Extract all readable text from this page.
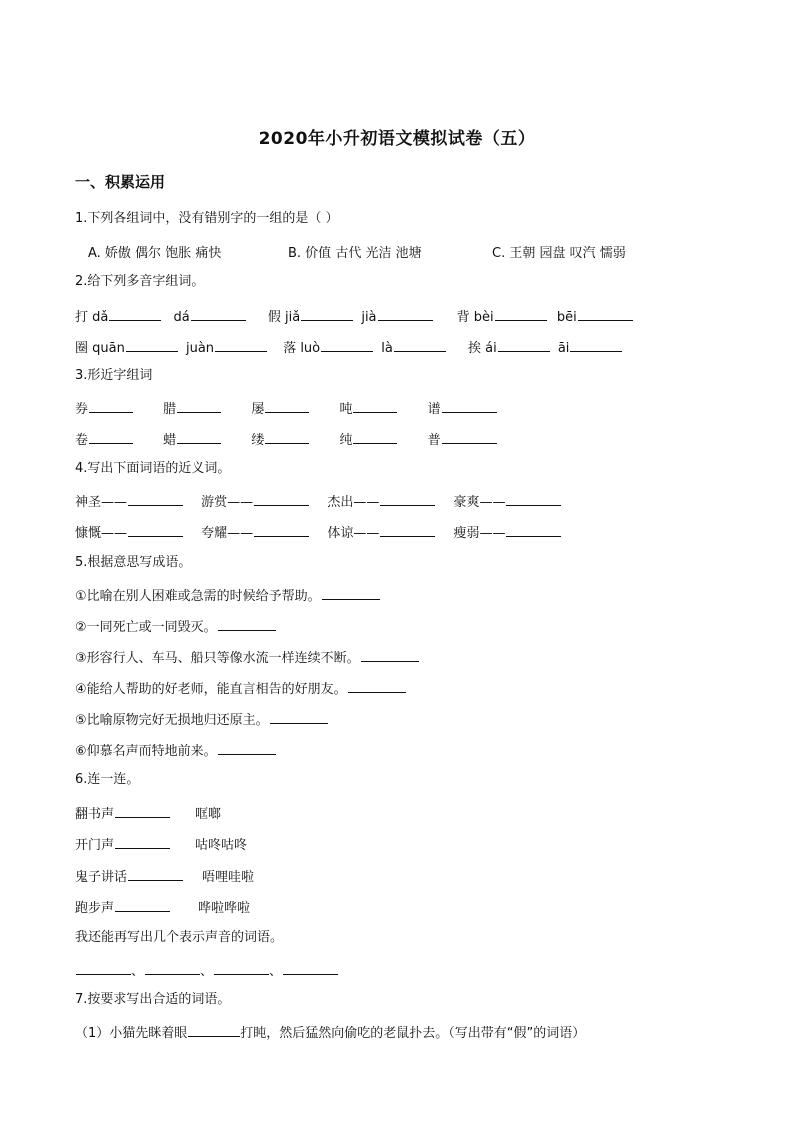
2020年小升初语文模拟试卷（五）
一、积累运用
1.下列各组词中，没有错别字的一组的是（ ）
A. 娇傲 偶尔 饱胀 痛快	B. 价值 古代 光洁 池塘	C. 王朝 园盘 叹汽 懦弱
2.给下列多音字组词。
打 dǎ	dá	假 jiǎ	jià	背 bèi	bēi
圈 quān	juàn	落 luò	là	挨 ái	āi
3.形近字组词
券	腊	屡	吨	谱
卷	蜡	缕	纯	普
4.写出下面词语的近义词。
神圣——	游赏——	杰出——	豪爽——
慷慨——	夸耀——	体谅——	瘦弱——
5.根据意思写成语。
①比喻在别人困难或急需的时候给予帮助。
②一同死亡或一同毁灭。
③形容行人、车马、船只等像水流一样连续不断。
④能给人帮助的好老师，能直言相告的好朋友。
⑤比喻原物完好无损地归还原主。
⑥仰慕名声而特地前来。
6.连一连。
翻书声	哐啷
开门声	咕咚咕咚
鬼子讲话	唔哩哇啦
跑步声	哗啦哗啦
我还能再写出几个表示声音的词语。
、	、	、
7.按要求写出合适的词语。
（1）小猫先眯着眼	打盹，然后猛然向偷吃的老鼠扑去。（写出带有“假”的词语）
